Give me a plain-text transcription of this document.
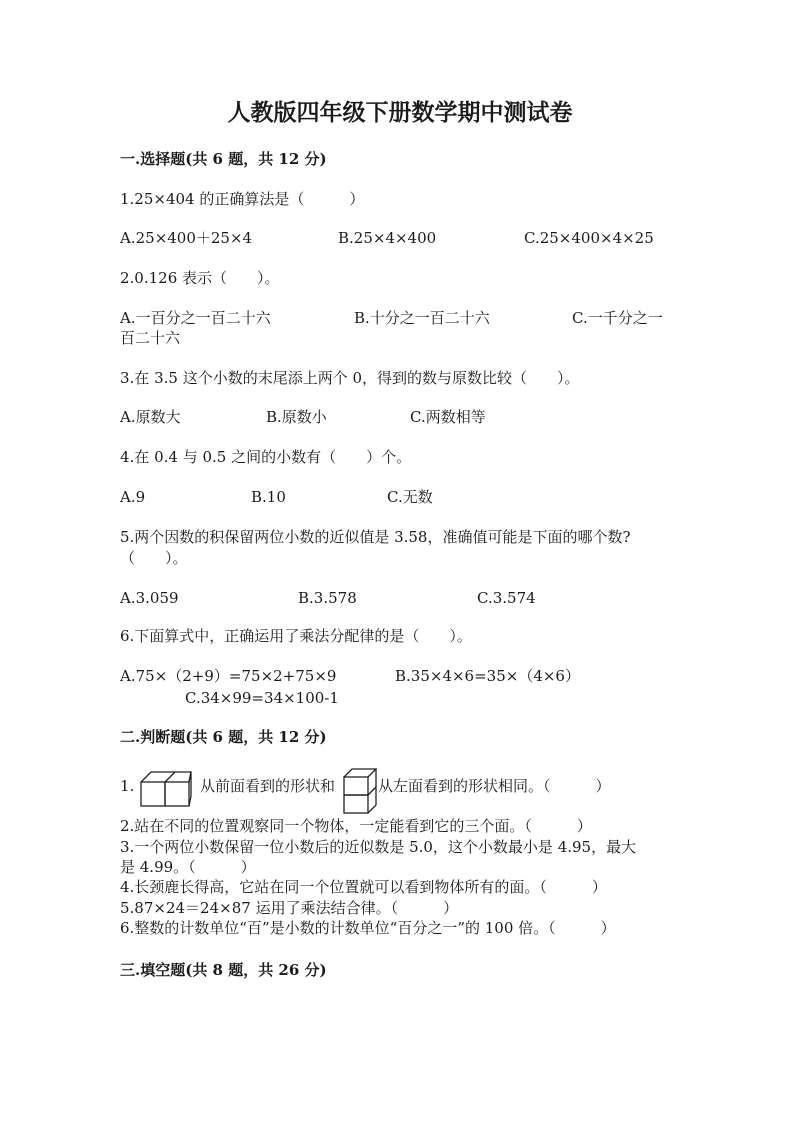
人教版四年级下册数学期中测试卷
一.选择题(共 6 题，共 12 分)
1.25×404 的正确算法是（　　　）
A.25×400＋25×4	B.25×4×400	C.25×400×4×25
2.0.126 表示（　　）。
A.一百分之一百二十六	B.十分之一百二十六	C.一千分之一
百二十六
3.在 3.5 这个小数的末尾添上两个 0，得到的数与原数比较（　　）。
A.原数大	B.原数小	C.两数相等
4.在 0.4 与 0.5 之间的小数有（　　）个。
A.9	B.10	C.无数
5.两个因数的积保留两位小数的近似值是 3.58，准确值可能是下面的哪个数?
（　　）。
A.3.059	B.3.578	C.3.574
6.下面算式中，正确运用了乘法分配律的是（　　）。
A.75×（2+9）=75×2+75×9	B.35×4×6=35×（4×6）
C.34×99=34×100-1
二.判断题(共 6 题，共 12 分)
1.	从前面看到的形状和	从左面看到的形状相同。（　　　）
2.站在不同的位置观察同一个物体，一定能看到它的三个面。（　　　）
3.一个两位小数保留一位小数后的近似数是 5.0，这个小数最小是 4.95，最大
是 4.99。（　　　）
4.长颈鹿长得高，它站在同一个位置就可以看到物体所有的面。（　　　）
5.87×24＝24×87 运用了乘法结合律。（　　　）
6.整数的计数单位“百”是小数的计数单位“百分之一”的 100 倍。（　　　）
三.填空题(共 8 题，共 26 分)
